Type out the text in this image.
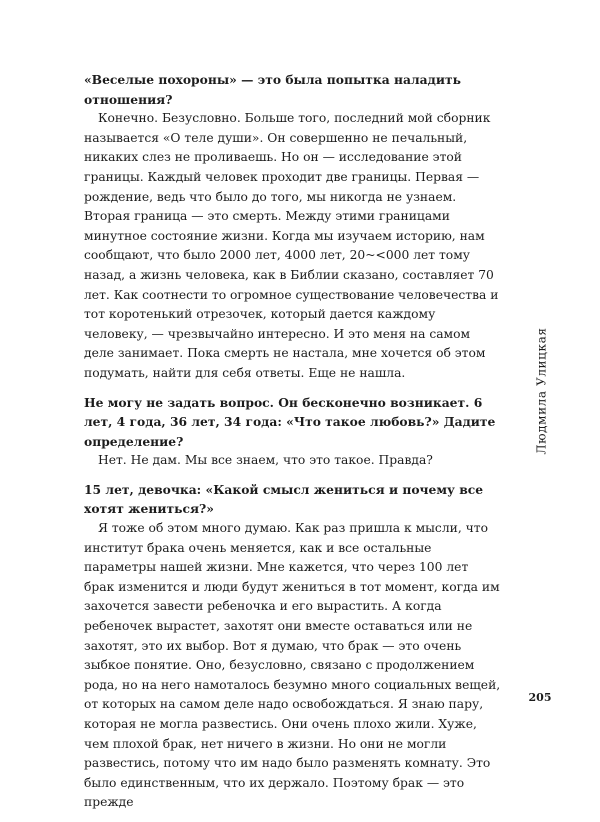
«Веселые похороны» — это была попытка наладить отношения?

Конечно. Безусловно. Больше того, последний мой сборник называется «О теле души». Он совершенно не печальный, никаких слез не проливаешь. Но он — исследование этой границы. Каждый человек проходит две границы. Первая — рождение, ведь что было до того, мы никогда не узнаем. Вторая граница — это смерть. Между этими границами минутное состояние жизни. Когда мы изучаем историю, нам сообщают, что было 2000 лет, 4000 лет, 20~<000 лет тому назад, а жизнь человека, как в Библии сказано, составляет 70 лет. Как соотнести то огромное существование человечества и тот коротенький отрезочек, который дается каждому человеку, — чрезвычайно интересно. И это меня на самом деле занимает. Пока смерть не настала, мне хочется об этом подумать, найти для себя ответы. Еще не нашла.

Не могу не задать вопрос. Он бесконечно возникает. 6 лет, 4 года, 36 лет, 34 года: «Что такое любовь?» Дадите определение?

Нет. Не дам. Мы все знаем, что это такое. Правда?

15 лет, девочка: «Какой смысл жениться и почему все хотят жениться?»

Я тоже об этом много думаю. Как раз пришла к мысли, что институт брака очень меняется, как и все остальные параметры нашей жизни. Мне кажется, что через 100 лет брак изменится и люди будут жениться в тот момент, когда им захочется завести ребеночка и его вырастить. А когда ребеночек вырастет, захотят они вместе оставаться или не захотят, это их выбор. Вот я думаю, что брак — это очень зыбкое понятие. Оно, безусловно, связано с продолжением рода, но на него намоталось безумно много социальных вещей, от которых на самом деле надо освобождаться. Я знаю пару, которая не могла развестись. Они очень плохо жили. Хуже, чем плохой брак, нет ничего в жизни. Но они не могли развестись, потому что им надо было разменять комнату. Это было единственным, что их держало. Поэтому брак — это прежде

Людмила Улицкая
205
